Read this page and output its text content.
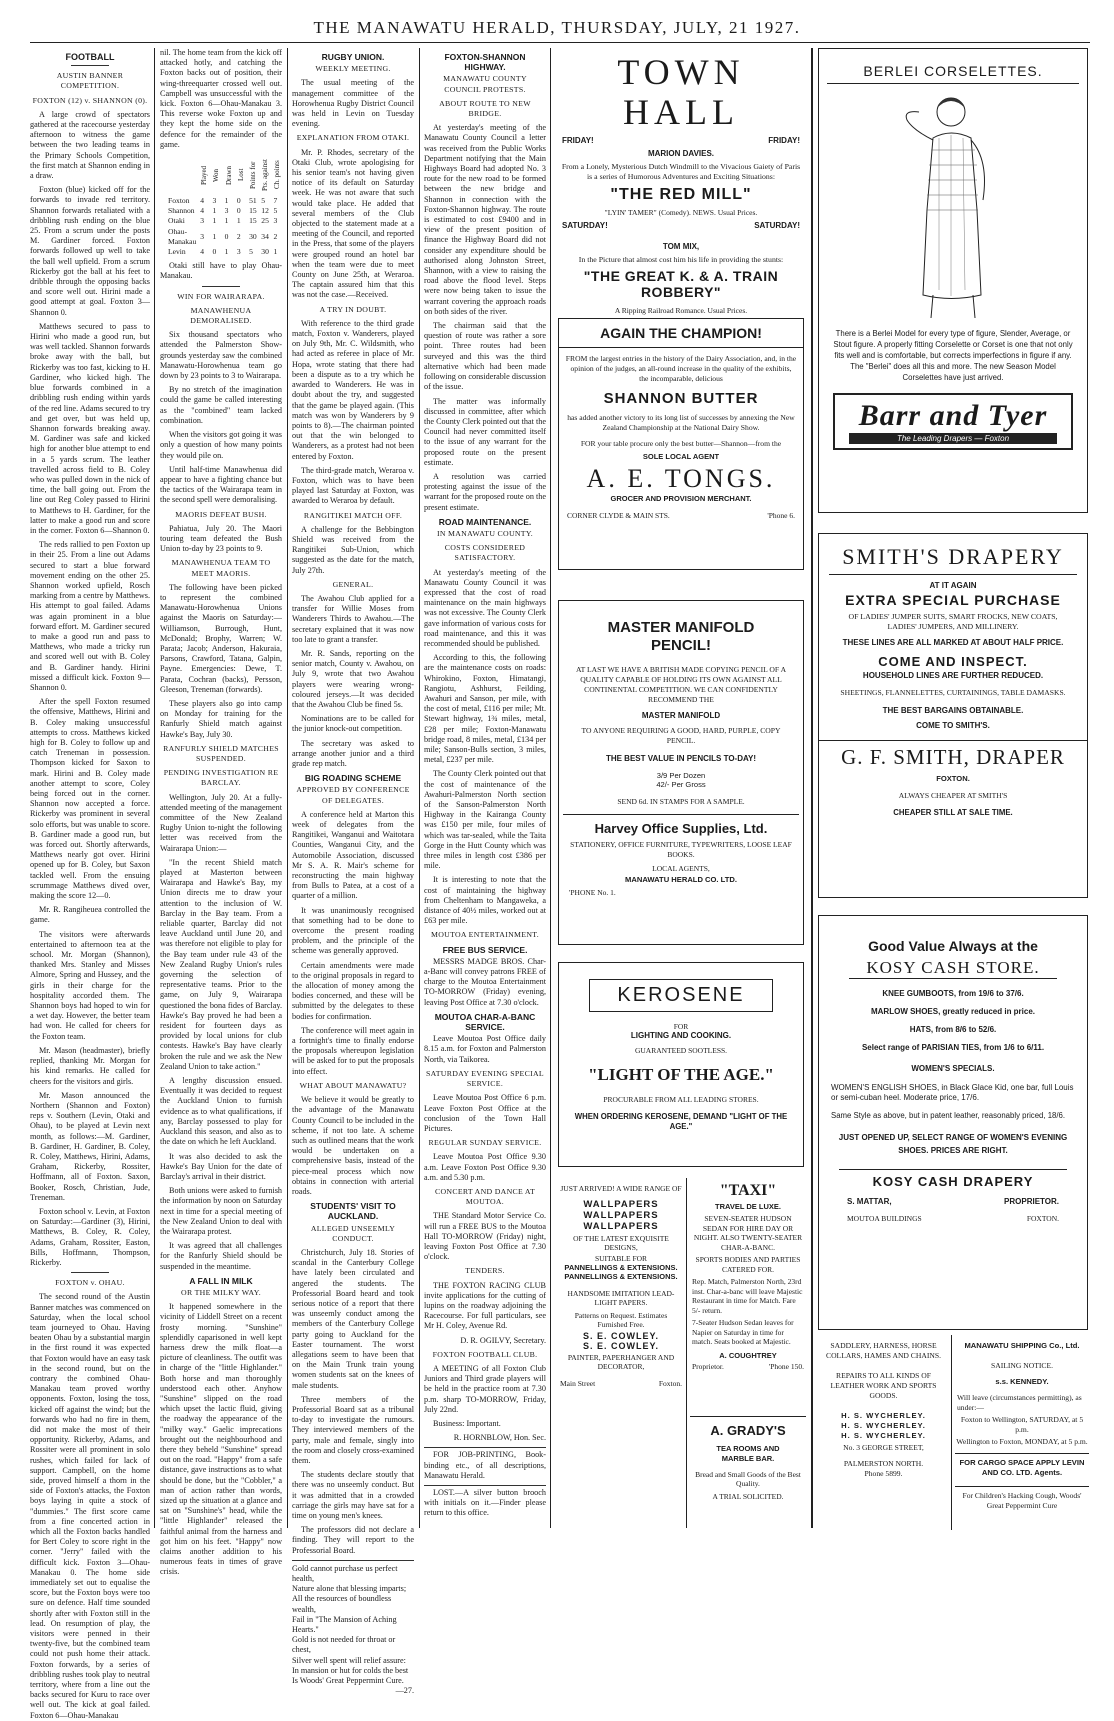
THE MANAWATU HERALD, THURSDAY, JULY, 21 1927.
FOOTBALL
AUSTIN BANNER COMPETITION.
FOXTON (12) v. SHANNON (0).

A large crowd of spectators gathered at the racecourse yesterday afternoon to witness the game between the two leading teams in the Primary Schools Competition, the first match at Shannon ending in a draw.

Foxton (blue) kicked off for the forwards to invade red territory. Shannon forwards retaliated with a dribbling rush ending on the blue 25. From a scrum under the posts M. Gardiner forced. Foxton forwards followed up well to take the ball well upfield. From a scrum Rickerby got the ball at his feet to dribble through the opposing backs and score well out. Hirini made a good attempt at goal. Foxton 3—Shannon 0.

Matthews secured to pass to Hirini who made a good run, but was well tackled. Shannon forwards broke away with the ball, but Rickerby was too fast, kicking to H. Gardiner, who kicked high. The blue forwards combined in a dribbling rush ending within yards of the red line. Adams secured to try and get over, but was held up, Shannon forwards breaking away. M. Gardiner was safe and kicked high for another blue attempt to end in a 5 yards scrum. The leather travelled across field to B. Coley who was pulled down in the nick of time, the ball going out. From the line out Reg Coley passed to Hirini to Matthews to H. Gardiner, for the latter to make a good run and score in the corner. Foxton 6—Shannon 0.

The reds rallied to pen Foxton up in their 25. From a line out Adams secured to start a blue forward movement ending on the other 25. Shannon worked upfield, Rosch marking from a centre by Matthews. His attempt to goal failed. Adams was again prominent in a blue forward effort. M. Gardiner secured to make a good run and pass to Matthews, who made a tricky run and scored well out with B. Coley and B. Gardiner handy. Hirini missed a difficult kick. Foxton 9—Shannon 0.

After the spell Foxton resumed the offensive, Matthews, Hirini and B. Coley making unsuccessful attempts to cross. Matthews kicked high for B. Coley to follow up and catch Treneman in possession. Thompson kicked for Saxon to mark. Hirini and B. Coley made another attempt to score, Coley being forced out in the corner. Shannon now accepted a force. Rickerby was prominent in several solo efforts, but was unable to score. B. Gardiner made a good run, but was forced out. Shortly afterwards, Matthews nearly got over. Hirini opened up for B. Coley, but Saxon tackled well. From the ensuing scrummage Matthews dived over, making the score 12—0.

Mr. R. Rangiheuea controlled the game.

The visitors were afterwards entertained to afternoon tea at the school. Mr. Morgan (Shannon), thanked Mrs. Stanley and Misses Almore, Spring and Hussey, and the girls in their charge for the hospitality accorded them. The Shannon boys had hoped to win for a wet day. However, the better team had won. He called for cheers for the Foxton team.

Mr. Mason (headmaster), briefly replied, thanking Mr. Morgan for his kind remarks. He called for cheers for the visitors and girls.

Mr. Mason announced the Northern (Shannon and Foxton) reps v. Southern (Levin, Otaki and Ohau), to be played at Levin next month, as follows:—M. Gardiner, B. Gardiner, H. Gardiner, B. Coley, R. Coley, Matthews, Hirini, Adams, Graham, Rickerby, Rossiter, Hoffmann, all of Foxton. Saxon, Booker, Rosch, Christian, Jude, Treneman.

Foxton school v. Levin, at Foxton on Saturday:—Gardiner (3), Hirini, Matthews, B. Coley, R. Coley, Adams, Graham, Rossiter, Easton, Bills, Hoffmann, Thompson, Rickerby.

FOXTON v. OHAU.

The second round of the Austin Banner matches was commenced on Saturday, when the local school team journeyed to Ohau. Having beaten Ohau by a substantial margin in the first round it was expected that Foxton would have an easy task in the second round, but on the contrary the combined Ohau-Manakau team proved worthy opponents. Foxton, losing the toss, kicked off against the wind; but the forwards who had no fire in them, did not make the most of their opportunity. Rickerby, Adams, and Rossiter were all prominent in solo rushes, which failed for lack of support. Campbell, on the home side, proved himself a thorn in the side of Foxton's attacks, the Foxton boys laying in quite a stock of "dummies." The first score came from a fine concerted action in which all the Foxton backs handled for Bert Coley to score right in the corner. "Jerry" failed with the difficult kick. Foxton 3—Ohau-Manakau 0. The home side immediately set out to equalise the score, but the Foxton boys were too sure on defence. Half time sounded shortly after with Foxton still in the lead. On resumption of play, the visitors were penned in their twenty-five, but the combined team could not push home their attack. Foxton forwards, by a series of dribbling rushes took play to neutral territory, where from a line out the backs secured for Kuru to race over well out. The kick at goal failed. Foxton 6—Ohau-Manakau

nil. The home team from the kick off attacked hotly, and catching the Foxton backs out of position, their wing-threequarter crossed well out. Campbell was unsuccessful with the kick. Foxton 6—Ohau-Manakau 3. This reverse woke Foxton up and they kept the home side on the defence for the remainder of the game.

	Played	Won	Drawn	Lost	Points for	Pts. against	Ch. points
Foxton	4	3	1	0	51	5	7
Shannon	4	1	3	0	15	12	5
Otaki	3	1	1	1	15	25	3
Ohau-Manakau	3	1	0	2	30	34	2
Levin	4	0	1	3	5	30	1

Otaki still have to play Ohau-Manakau.

WIN FOR WAIRARAPA.
MANAWHENUA DEMORALISED.

Six thousand spectators who attended the Palmerston Show-grounds yesterday saw the combined Manawatu-Horowhenua team go down by 23 points to 3 to Wairarapa.

By no stretch of the imagination could the game be called interesting as the "combined" team lacked combination.

When the visitors got going it was only a question of how many points they would pile on.

Until half-time Manawhenua did appear to have a fighting chance but the tactics of the Wairarapa team in the second spell were demoralising.

MAORIS DEFEAT BUSH.

Pahiatua, July 20. The Maori touring team defeated the Bush Union to-day by 23 points to 9.

MANAWHENUA TEAM TO MEET MAORIS.

The following have been picked to represent the combined Manawatu-Horowhenua Unions against the Maoris on Saturday:—Williamson, Burrough, Hunt, McDonald; Brophy, Warren; W. Parata; Jacob; Anderson, Hakuraia, Parsons, Crawford, Tatana, Galpin, Payne. Emergencies: Dewe, T. Parata, Cochran (backs), Persson, Gleeson, Treneman (forwards).

These players also go into camp on Monday for training for the Ranfurly Shield match against Hawke's Bay, July 30.

RANFURLY SHIELD MATCHES SUSPENDED.
PENDING INVESTIGATION RE BARCLAY.

Wellington, July 20. At a fully-attended meeting of the management committee of the New Zealand Rugby Union to-night the following letter was received from the Wairarapa Union:—

"In the recent Shield match played at Masterton between Wairarapa and Hawke's Bay, my Union directs me to draw your attention to the inclusion of W. Barclay in the Bay team. From a reliable quarter, Barclay did not leave Auckland until June 20, and was therefore not eligible to play for the Bay team under rule 43 of the New Zealand Rugby Union's rules governing the selection of representative teams. Prior to the game, on July 9, Wairarapa questioned the bona fides of Barclay. Hawke's Bay proved he had been a resident for fourteen days as provided by local unions for club contests. Hawke's Bay have clearly broken the rule and we ask the New Zealand Union to take action."

A lengthy discussion ensued. Eventually it was decided to request the Auckland Union to furnish evidence as to what qualifications, if any, Barclay possessed to play for Auckland this season, and also as to the date on which he left Auckland.

It was also decided to ask the Hawke's Bay Union for the date of Barclay's arrival in their district.

Both unions were asked to furnish the information by noon on Saturday next in time for a special meeting of the New Zealand Union to deal with the Wairarapa protest.

It was agreed that all challenges for the Ranfurly Shield should be suspended in the meantime.

A FALL IN MILK
OR THE MILKY WAY.

It happened somewhere in the vicinity of Liddell Street on a recent frosty morning. "Sunshine" splendidly caparisoned in well kept harness drew the milk float—a picture of cleanliness. The outfit was in charge of the "little Highlander." Both horse and man thoroughly understood each other. Anyhow "Sunshine" slipped on the road which upset the lactic fluid, giving the roadway the appearance of the "milky way." Gaelic imprecations brought out the neighbourhood and there they beheld "Sunshine" spread out on the road. "Happy" from a safe distance, gave instructions as to what should be done, but the "Cobbler," a man of action rather than words, sized up the situation at a glance and sat on "Sunshine's" head, while the "little Highlander" released the faithful animal from the harness and got him on his feet. "Happy" now claims another addition to his numerous feats in times of grave crisis.

RUGBY UNION.
WEEKLY MEETING.

The usual meeting of the management committee of the Horowhenua Rugby District Council was held in Levin on Tuesday evening.

EXPLANATION FROM OTAKI.

Mr. P. Rhodes, secretary of the Otaki Club, wrote apologising for his senior team's not having given notice of its default on Saturday week. He was not aware that such would take place. He added that several members of the Club objected to the statement made at a meeting of the Council, and reported in the Press, that some of the players were grouped round an hotel bar when the team were due to meet County on June 25th, at Weraroa. The captain assured him that this was not the case.—Received.

A TRY IN DOUBT.

With reference to the third grade match, Foxton v. Wanderers, played on July 9th, Mr. C. Wildsmith, who had acted as referee in place of Mr. Hopa, wrote stating that there had been a dispute as to a try which he awarded to Wanderers. He was in doubt about the try, and suggested that the game be played again. (This match was won by Wanderers by 9 points to 8).—The chairman pointed out that the win belonged to Wanderers, as a protest had not been entered by Foxton.

The third-grade match, Weraroa v. Foxton, which was to have been played last Saturday at Foxton, was awarded to Weraroa by default.

RANGITIKEI MATCH OFF.

A challenge for the Bebbington Shield was received from the Rangitikei Sub-Union, which suggested as the date for the match, July 27th.

GENERAL.

The Awahou Club applied for a transfer for Willie Moses from Wanderers Thirds to Awahou.—The secretary explained that it was now too late to grant a transfer.

Mr. R. Sands, reporting on the senior match, County v. Awahou, on July 9, wrote that two Awahou players were wearing wrong-coloured jerseys.—It was decided that the Awahou Club be fined 5s.

Nominations are to be called for the junior knock-out competition.

The secretary was asked to arrange another junior and a third grade rep match.

BIG ROADING SCHEME
APPROVED BY CONFERENCE OF DELEGATES.

A conference held at Marton this week of delegates from the Rangitikei, Wanganui and Waitotara Counties, Wanganui City, and the Automobile Association, discussed Mr S. A. R. Mair's scheme for reconstructing the main highway from Bulls to Patea, at a cost of a quarter of a million.

It was unanimously recognised that something had to be done to overcome the present roading problem, and the principle of the scheme was generally approved.

Certain amendments were made to the original proposals in regard to the allocation of money among the bodies concerned, and these will be submitted by the delegates to these bodies for confirmation.

The conference will meet again in a fortnight's time to finally endorse the proposals whereupon legislation will be asked for to put the proposals into effect.

WHAT ABOUT MANAWATU?

We believe it would be greatly to the advantage of the Manawatu County Council to be included in the scheme, if not too late. A scheme such as outlined means that the work would be undertaken on a comprehensive basis, instead of the piece-meal process which now obtains in connection with arterial roads.

STUDENTS' VISIT TO AUCKLAND.
ALLEGED UNSEEMLY CONDUCT.

Christchurch, July 18. Stories of scandal in the Canterbury College have lately been circulated and angered the students. The Professorial Board heard and took serious notice of a report that there was unseemly conduct among the members of the Canterbury College party going to Auckland for the Easter tournament. The worst allegations seem to have been that on the Main Trunk train young women students sat on the knees of male students.

Three members of the Professorial Board sat as a tribunal to-day to investigate the rumours. They interviewed members of the party, male and female, singly into the room and closely cross-examined them.

The students declare stoutly that there was no unseemly conduct. But it was admitted that in a crowded carriage the girls may have sat for a time on young men's knees.

The professors did not declare a finding. They will report to the Professorial Board.

Gold cannot purchase us perfect health,
Nature alone that blessing imparts;
All the resources of boundless wealth,
Fail in "The Mansion of Aching Hearts."
Gold is not needed for throat or chest,
Silver well spent will relief assure:
In mansion or hut for colds the best
Is Woods' Great Peppermint Cure.
—27.
FOXTON-SHANNON HIGHWAY.
MANAWATU COUNTY COUNCIL PROTESTS.
ABOUT ROUTE TO NEW BRIDGE.

At yesterday's meeting of the Manawatu County Council a letter was received from the Public Works Department notifying that the Main Highways Board had adopted No. 3 route for the new road to be formed between the new bridge and Shannon in connection with the Foxton-Shannon highway. The route is estimated to cost £9400 and in view of the present position of finance the Highway Board did not consider any expenditure should be authorised along Johnston Street, Shannon, with a view to raising the road above the flood level. Steps were now being taken to issue the warrant covering the approach roads on both sides of the river.

The chairman said that the question of route was rather a sore point. Three routes had been surveyed and this was the third alternative which had been made following on considerable discussion of the issue.

The matter was informally discussed in committee, after which the County Clerk pointed out that the Council had never committed itself to the issue of any warrant for the proposed route on the present estimate.

A resolution was carried protesting against the issue of the warrant for the proposed route on the present estimate.

ROAD MAINTENANCE.
IN MANAWATU COUNTY.
COSTS CONSIDERED SATISFACTORY.

At yesterday's meeting of the Manawatu County Council it was expressed that the cost of road maintenance on the main highways was not excessive. The County Clerk gave information of various costs for road maintenance, and this it was recommended should be published.

According to this, the following are the maintenance costs on roads: Whirokino, Foxton, Himatangi, Rangiotu, Ashhurst, Feilding, Awahuri and Sanson, per mile, with the cost of metal, £116 per mile; Mt. Stewart highway, 1¾ miles, metal, £28 per mile; Foxton-Manawatu bridge road, 8 miles, metal, £134 per mile; Sanson-Bulls section, 3 miles, metal, £237 per mile.

The County Clerk pointed out that the cost of maintenance of the Awahuri-Palmerston North section of the Sanson-Palmerston North Highway in the Kairanga County was £150 per mile, four miles of which was tar-sealed, while the Taita Gorge in the Hutt County which was three miles in length cost £386 per mile.

It is interesting to note that the cost of maintaining the highway from Cheltenham to Mangaweka, a distance of 40½ miles, worked out at £63 per mile.

MOUTOA ENTERTAINMENT.
FREE BUS SERVICE.

MESSRS MADGE BROS. Char-a-Banc will convey patrons FREE of charge to the Moutoa Entertainment TO-MORROW (Friday) evening, leaving Post Office at 7.30 o'clock.

MOUTOA CHAR-A-BANC SERVICE.

Leave Moutoa Post Office daily 8.15 a.m. for Foxton and Palmerston North, via Taikorea.

SATURDAY EVENING SPECIAL SERVICE.

Leave Moutoa Post Office 6 p.m. Leave Foxton Post Office at the conclusion of the Town Hall Pictures.

REGULAR SUNDAY SERVICE.

Leave Moutoa Post Office 9.30 a.m. Leave Foxton Post Office 9.30 a.m. and 5.30 p.m.

CONCERT AND DANCE AT MOUTOA.

THE Standard Motor Service Co. will run a FREE BUS to the Moutoa Hall TO-MORROW (Friday) night, leaving Foxton Post Office at 7.30 o'clock.

TENDERS.

THE FOXTON RACING CLUB invite applications for the cutting of lupins on the roadway adjoining the Racecourse. For full particulars, see Mr H. Coley, Avenue Rd.

D. R. OGILVY, Secretary.
FOXTON FOOTBALL CLUB.

A MEETING of all Foxton Club Juniors and Third grade players will be held in the practice room at 7.30 p.m. sharp TO-MORROW, Friday, July 22nd.

Business: Important.

R. HORNBLOW, Hon. Sec.

FOR JOB-PRINTING, Book-binding etc., of all descriptions, Manawatu Herald.

LOST.—A silver button brooch with initials on it.—Finder please return to this office.

TOWN HALL
FRIDAY!	FRIDAY!
MARION DAVIES.
From a Lonely, Mysterious Dutch Windmill to the Vivacious Gaiety of Paris is a series of Humorous Adventures and Exciting Situations:
"THE RED MILL"
"LYIN' TAMER" (Comedy). NEWS. Usual Prices.
SATURDAY!	SATURDAY!
TOM MIX,
In the Picture that almost cost him his life in providing the stunts:
"THE GREAT K. & A. TRAIN ROBBERY"
A Ripping Railroad Romance. Usual Prices.
AGAIN THE CHAMPION!
FROM the largest entries in the history of the Dairy Association, and, in the opinion of the judges, an all-round increase in the quality of the exhibits, the incomparable, delicious
SHANNON BUTTER
has added another victory to its long list of successes by annexing the New Zealand Championship at the National Dairy Show.
FOR your table procure only the best butter—Shannon—from the
SOLE LOCAL AGENT
A. E. TONGS.
GROCER AND PROVISION MERCHANT.
CORNER CLYDE & MAIN STS.	'Phone 6.
MASTER MANIFOLD PENCIL!
AT LAST WE HAVE A BRITISH MADE COPYING PENCIL OF A QUALITY CAPABLE OF HOLDING ITS OWN AGAINST ALL CONTINENTAL COMPETITION. WE CAN CONFIDENTLY RECOMMEND THE
MASTER MANIFOLD
TO ANYONE REQUIRING A GOOD, HARD, PURPLE, COPY PENCIL.
THE BEST VALUE IN PENCILS TO-DAY!
3/9 Per Dozen
42/- Per Gross
SEND 6d. IN STAMPS FOR A SAMPLE.
Harvey Office Supplies, Ltd.
STATIONERY, OFFICE FURNITURE, TYPEWRITERS, LOOSE LEAF BOOKS.
LOCAL AGENTS,
MANAWATU HERALD CO. LTD.
'PHONE No. 1.
KEROSENE
FOR
LIGHTING AND COOKING.
GUARANTEED SOOTLESS.
"LIGHT OF THE AGE."
PROCURABLE FROM ALL LEADING STORES.
WHEN ORDERING KEROSENE, DEMAND "LIGHT OF THE AGE."
JUST ARRIVED! A WIDE RANGE OF
WALLPAPERS
WALLPAPERS
WALLPAPERS
OF THE LATEST EXQUISITE DESIGNS,
SUITABLE FOR
PANNELLINGS & EXTENSIONS.
PANNELLINGS & EXTENSIONS.
HANDSOME IMITATION LEAD-LIGHT PAPERS.
Patterns on Request. Estimates Furnished Free.
S. E. COWLEY.
S. E. COWLEY.
PAINTER, PAPERHANGER AND DECORATOR,
Main Street	Foxton.
"TAXI"
TRAVEL DE LUXE.
SEVEN-SEATER HUDSON SEDAN FOR HIRE DAY OR NIGHT. ALSO TWENTY-SEATER CHAR-A-BANC.
SPORTS BODIES AND PARTIES CATERED FOR.
Rep. Match, Palmerston North, 23rd inst. Char-a-banc will leave Majestic Restaurant in time for Match. Fare 5/- return.
7-Seater Hudson Sedan leaves for Napier on Saturday in time for match. Seats booked at Majestic.
A. COUGHTREY
Proprietor.	'Phone 150.
A. GRADY'S
TEA ROOMS AND MARBLE BAR.
Bread and Small Goods of the Best Quality.
A TRIAL SOLICITED.
BERLEI CORSELETTES.
There is a Berlei Model for every type of figure, Slender, Average, or Stout figure. A properly fitting Corselette or Corset is one that not only fits well and is comfortable, but corrects imperfections in figure if any. The "Berlei" does all this and more. The new Season Model Corselettes have just arrived.
Barr and Tyer
The Leading Drapers — Foxton
SMITH'S DRAPERY
AT IT AGAIN
EXTRA SPECIAL PURCHASE
OF LADIES' JUMPER SUITS, SMART FROCKS, NEW COATS, LADIES' JUMPERS, AND MILLINERY.
THESE LINES ARE ALL MARKED AT ABOUT HALF PRICE.
COME AND INSPECT.
HOUSEHOLD LINES ARE FURTHER REDUCED.
SHEETINGS, FLANNELETTES, CURTAININGS, TABLE DAMASKS.
THE BEST BARGAINS OBTAINABLE.
COME TO SMITH'S.
G. F. SMITH, DRAPER
FOXTON.
ALWAYS CHEAPER AT SMITH'S
CHEAPER STILL AT SALE TIME.
Good Value Always at the
KOSY CASH STORE.
KNEE GUMBOOTS, from 19/6 to 37/6.
MARLOW SHOES, greatly reduced in price.
HATS, from 8/6 to 52/6.
Select range of PARISIAN TIES, from 1/6 to 6/11.
WOMEN'S SPECIALS.
WOMEN'S ENGLISH SHOES, in Black Glace Kid, one bar, full Louis or semi-cuban heel. Moderate price, 17/6.
Same Style as above, but in patent leather, reasonably priced, 18/6.
JUST OPENED UP, SELECT RANGE OF WOMEN'S EVENING SHOES. PRICES ARE RIGHT.
KOSY CASH DRAPERY
S. MATTAR,	PROPRIETOR.
MOUTOA BUILDINGS	FOXTON.
SADDLERY, HARNESS, HORSE COLLARS, HAMES AND CHAINS.
REPAIRS TO ALL KINDS OF LEATHER WORK AND SPORTS GOODS.
H. S. WYCHERLEY.
H. S. WYCHERLEY.
H. S. WYCHERLEY.
No. 3 GEORGE STREET,
PALMERSTON NORTH.
Phone 5899.
MANAWATU SHIPPING Co., Ltd.
SAILING NOTICE.
s.s. KENNEDY.
Will leave (circumstances permitting), as under:—
Foxton to Wellington, SATURDAY, at 5 p.m.
Wellington to Foxton, MONDAY, at 5 p.m.
FOR CARGO SPACE APPLY LEVIN AND CO. LTD. Agents.
For Children's Hacking Cough, Woods' Great Peppermint Cure
